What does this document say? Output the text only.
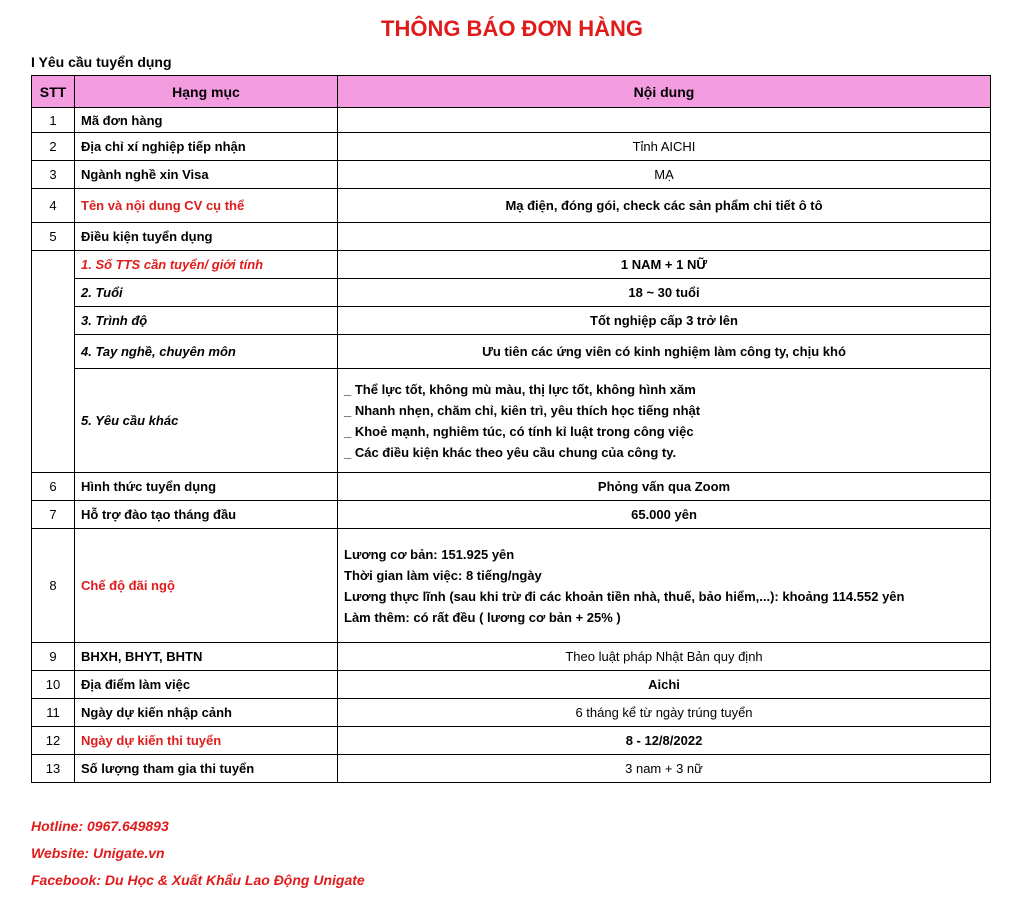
THÔNG BÁO ĐƠN HÀNG
I Yêu cầu tuyển dụng
STT	Hạng mục	Nội dung
1	Mã đơn hàng	
2	Địa chỉ xí nghiệp tiếp nhận	Tỉnh AICHI
3	Ngành nghề xin Visa	MẠ
4	Tên và nội dung CV cụ thể	Mạ điện, đóng gói, check các sản phẩm chi tiết ô tô
5	Điều kiện tuyển dụng	
	1. Số TTS cần tuyển/ giới tính	1 NAM + 1 NỮ
	2. Tuổi	18 ~ 30 tuổi
	3. Trình độ	Tốt nghiệp cấp 3 trở lên
	4. Tay nghề, chuyên môn	Ưu tiên các ứng viên có kinh nghiệm làm công ty, chịu khó
	5. Yêu cầu khác	_ Thể lực tốt, không mù màu, thị lực tốt, không hình xăm
_ Nhanh nhẹn, chăm chỉ, kiên trì, yêu thích học tiếng nhật
_ Khoẻ mạnh, nghiêm túc, có tính kỉ luật trong công việc
_ Các điều kiện khác theo yêu cầu chung của công ty.

6	Hình thức tuyển dụng	Phỏng vấn qua Zoom
7	Hỗ trợ đào tạo tháng đầu	65.000 yên
8	Chế độ đãi ngộ	Lương cơ bản: 151.925 yên
Thời gian làm việc: 8 tiếng/ngày
Lương thực lĩnh (sau khi trừ đi các khoản tiền nhà, thuế, bảo hiểm,...): khoảng 114.552 yên
Làm thêm: có rất đều ( lương cơ bản + 25% )

9	BHXH, BHYT, BHTN	Theo luật pháp Nhật Bản quy định
10	Địa điểm làm việc	Aichi
11	Ngày dự kiến nhập cảnh	6 tháng kể từ ngày trúng tuyển
12	Ngày dự kiến thi tuyển	8 - 12/8/2022
13	Số lượng tham gia thi tuyển	3 nam + 3 nữ
Hotline: 0967.649893
Website: Unigate.vn
Facebook: Du Học & Xuất Khẩu Lao Động Unigate
